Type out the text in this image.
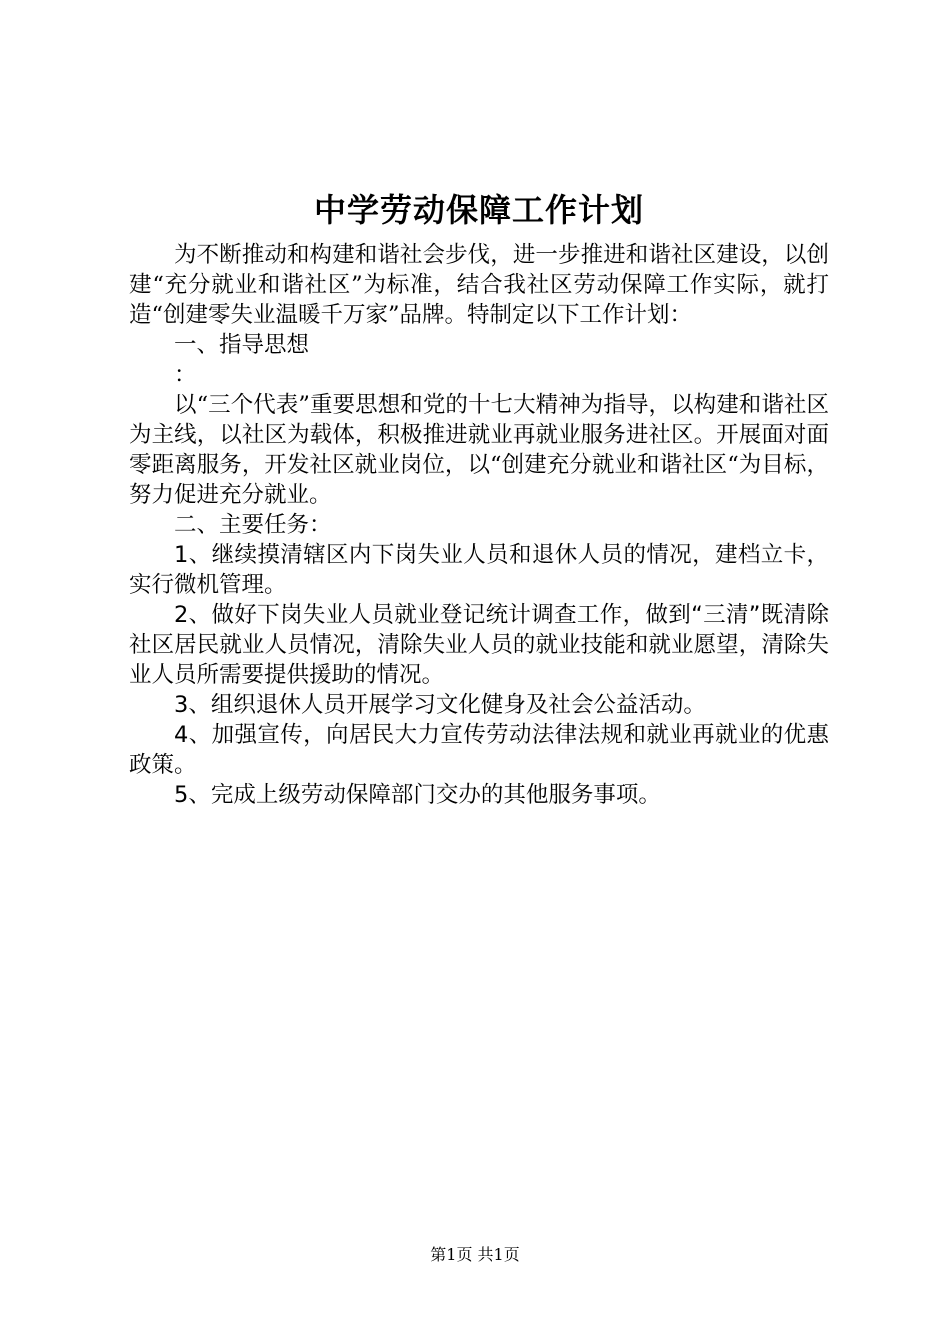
中学劳动保障工作计划

为不断推动和构建和谐社会步伐，进一步推进和谐社区建设，以创建“充分就业和谐社区”为标准，结合我社区劳动保障工作实际，就打造“创建零失业温暖千万家”品牌。特制定以下工作计划：

一、指导思想

：

以“三个代表”重要思想和党的十七大精神为指导，以构建和谐社区为主线，以社区为载体，积极推进就业再就业服务进社区。开展面对面零距离服务，开发社区就业岗位，以“创建充分就业和谐社区“为目标，努力促进充分就业。

二、主要任务：

1、继续摸清辖区内下岗失业人员和退休人员的情况，建档立卡，实行微机管理。

2、做好下岗失业人员就业登记统计调查工作，做到“三清”既清除社区居民就业人员情况，清除失业人员的就业技能和就业愿望，清除失业人员所需要提供援助的情况。

3、组织退休人员开展学习文化健身及社会公益活动。

4、加强宣传，向居民大力宣传劳动法律法规和就业再就业的优惠政策。

5、完成上级劳动保障部门交办的其他服务事项。

第1页 共1页
